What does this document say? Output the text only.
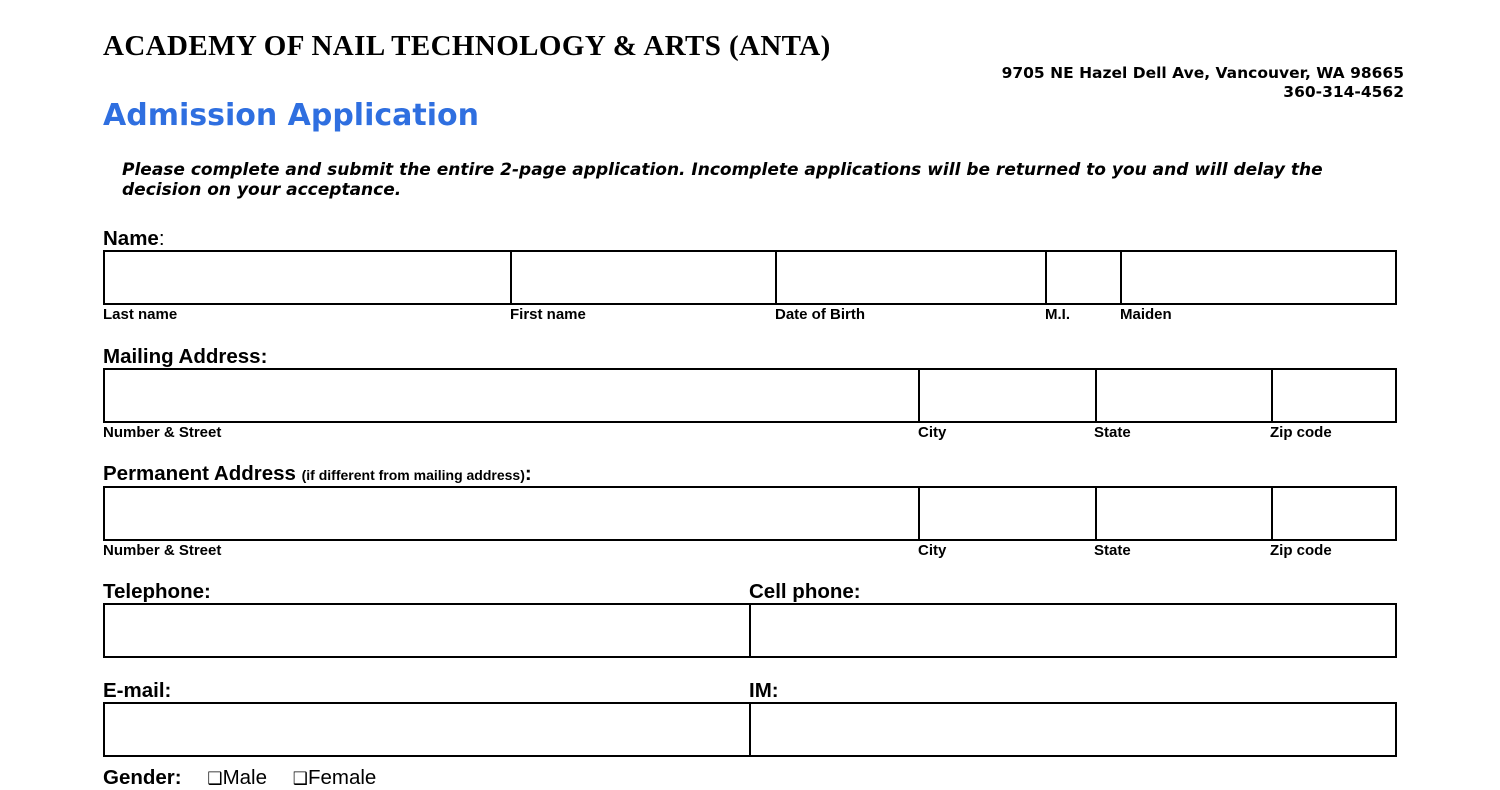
ACADEMY OF NAIL TECHNOLOGY & ARTS (ANTA)
9705 NE Hazel Dell Ave, Vancouver, WA 98665
360-314-4562
Admission Application
Please complete and submit the entire 2-page application. Incomplete applications will be returned to you and will delay the decision on your acceptance.
Name:
Last name	First name	Date of Birth	M.I.	Maiden
Mailing Address:
Number & Street	City	State	Zip code
Permanent Address (if different from mailing address):
Number & Street	City	State	Zip code
Telephone:	Cell phone:
E-mail:	IM:
Gender: ❑Male ❑Female
